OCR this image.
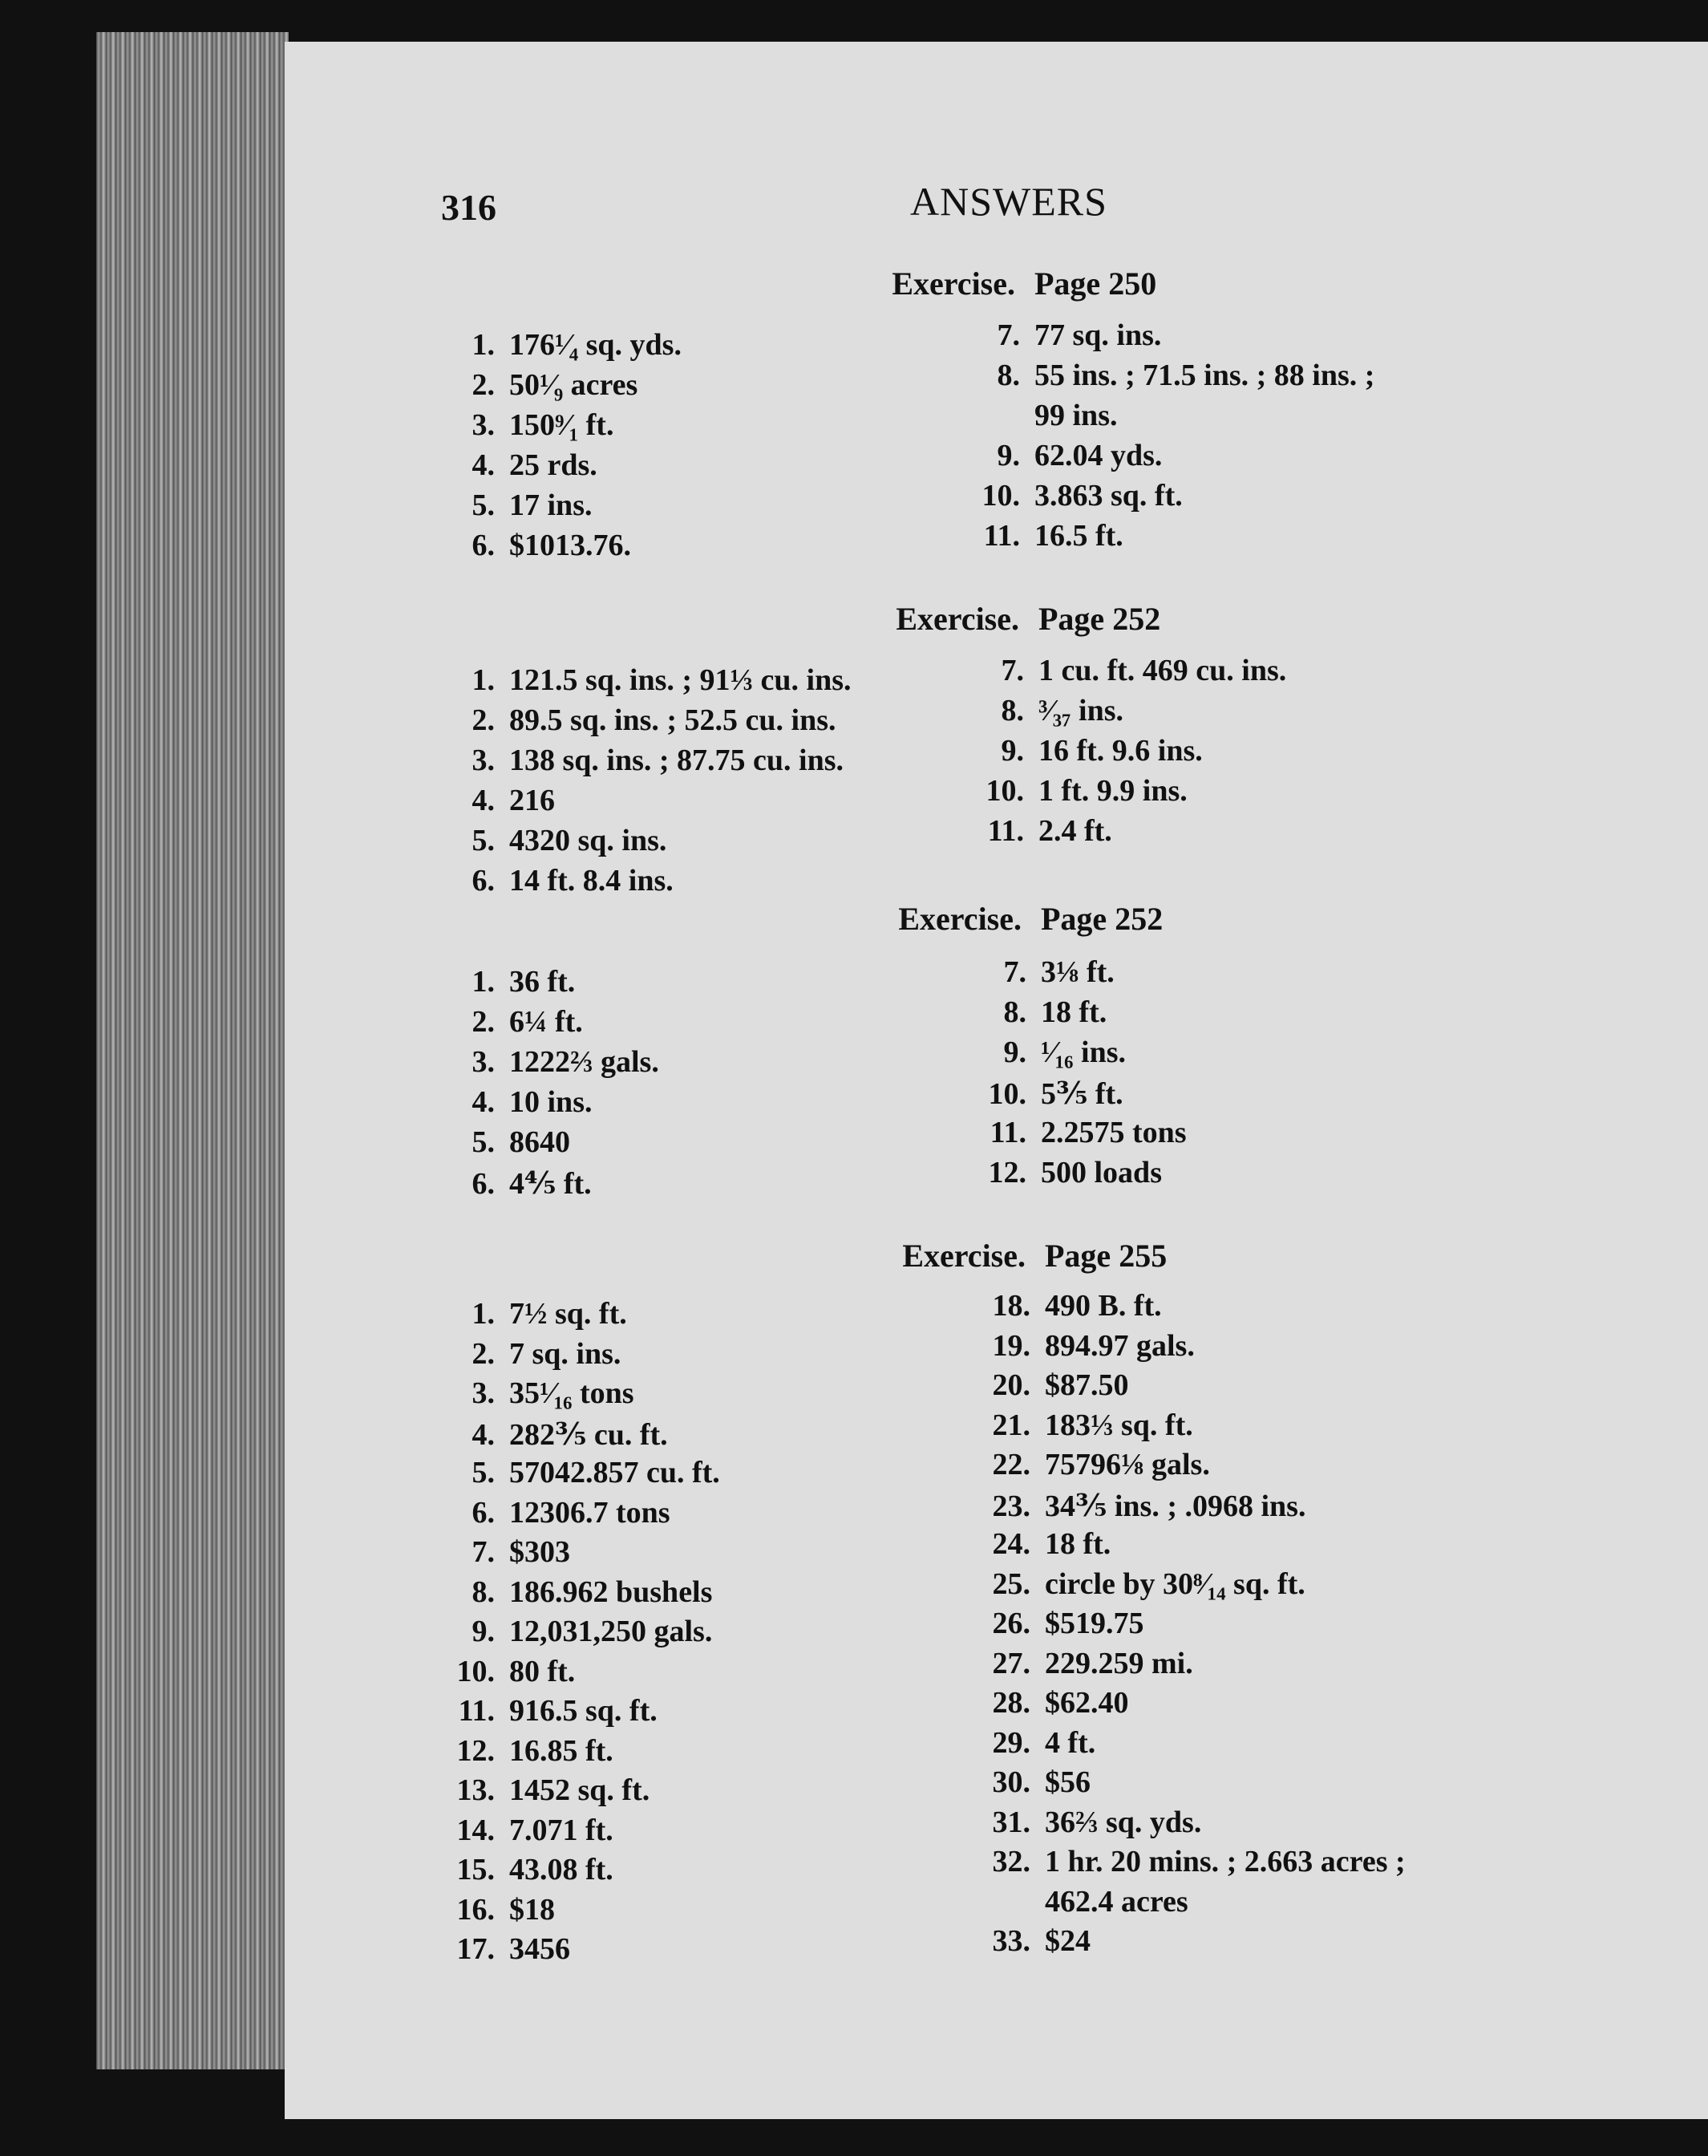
316	ANSWERS
Exercise. Page 250
1. 176¹⁄₄ sq. yds.
2. 50¹⁄₉ acres
3. 150⁹⁄₁ ft.
4. 25 rds.
5. 17 ins.
6. $1013.76.
7. 77 sq. ins.
8. 55 ins. ; 71.5 ins. ; 88 ins. ;
99 ins.
9. 62.04 yds.
10. 3.863 sq. ft.
11. 16.5 ft.
Exercise. Page 252
1. 121.5 sq. ins. ; 91⅓ cu. ins.
2. 89.5 sq. ins. ; 52.5 cu. ins.
3. 138 sq. ins. ; 87.75 cu. ins.
4. 216
5. 4320 sq. ins.
6. 14 ft. 8.4 ins.
7. 1 cu. ft. 469 cu. ins.
8. ³⁄₃₇ ins.
9. 16 ft. 9.6 ins.
10. 1 ft. 9.9 ins.
11. 2.4 ft.
Exercise. Page 252
1. 36 ft.
2. 6¼ ft.
3. 1222⅔ gals.
4. 10 ins.
5. 8640
6. 4⅘ ft.
7. 3⅛ ft.
8. 18 ft.
9. ¹⁄₁₆ ins.
10. 5⅗ ft.
11. 2.2575 tons
12. 500 loads
Exercise. Page 255
1. 7½ sq. ft.
2. 7 sq. ins.
3. 35¹⁄₁₆ tons
4. 282⅗ cu. ft.
5. 57042.857 cu. ft.
6. 12306.7 tons
7. $303
8. 186.962 bushels
9. 12,031,250 gals.
10. 80 ft.
11. 916.5 sq. ft.
12. 16.85 ft.
13. 1452 sq. ft.
14. 7.071 ft.
15. 43.08 ft.
16. $18
17. 3456
18. 490 B. ft.
19. 894.97 gals.
20. $87.50
21. 183⅓ sq. ft.
22. 75796⅛ gals.
23. 34⅗ ins. ; .0968 ins.
24. 18 ft.
25. circle by 30⁸⁄₁₄ sq. ft.
26. $519.75
27. 229.259 mi.
28. $62.40
29. 4 ft.
30. $56
31. 36⅔ sq. yds.
32. 1 hr. 20 mins. ; 2.663 acres ;
462.4 acres
33. $24
